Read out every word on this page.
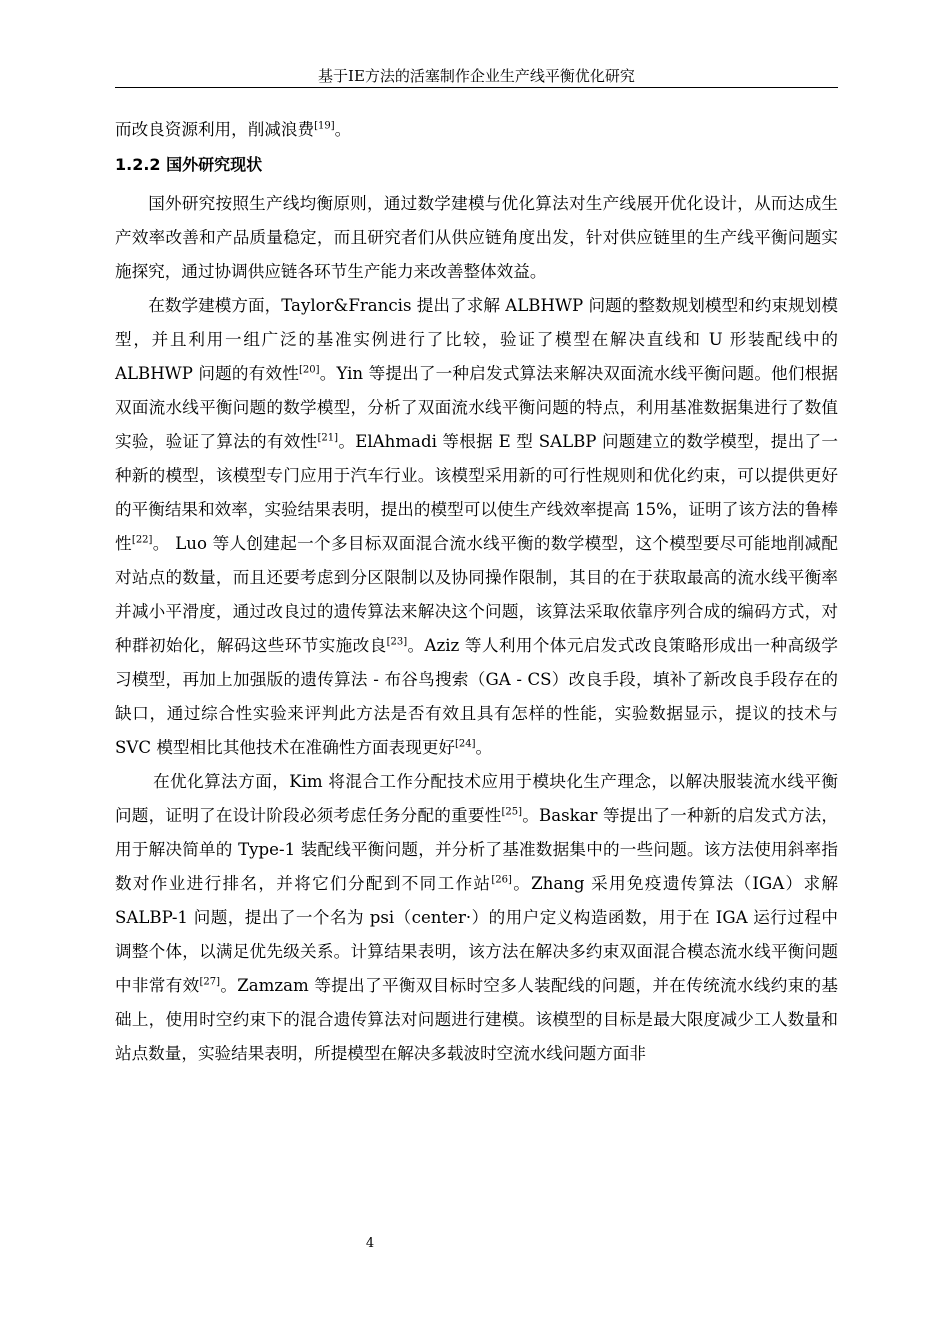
基于IE方法的活塞制作企业生产线平衡优化研究

而改良资源利用，削减浪费[19]。

1.2.2 国外研究现状

国外研究按照生产线均衡原则，通过数学建模与优化算法对生产线展开优化设计，从而达成生产效率改善和产品质量稳定，而且研究者们从供应链角度出发，针对供应链里的生产线平衡问题实施探究，通过协调供应链各环节生产能力来改善整体效益。

在数学建模方面，Taylor&Francis 提出了求解 ALBHWP 问题的整数规划模型和约束规划模型，并且利用一组广泛的基准实例进行了比较，验证了模型在解决直线和 U 形装配线中的 ALBHWP 问题的有效性[20]。Yin 等提出了一种启发式算法来解决双面流水线平衡问题。他们根据双面流水线平衡问题的数学模型，分析了双面流水线平衡问题的特点，利用基准数据集进行了数值实验，验证了算法的有效性[21]。ElAhmadi 等根据 E 型 SALBP 问题建立的数学模型，提出了一种新的模型，该模型专门应用于汽车行业。该模型采用新的可行性规则和优化约束，可以提供更好的平衡结果和效率，实验结果表明，提出的模型可以使生产线效率提高 15%，证明了该方法的鲁棒性[22]。 Luo 等人创建起一个多目标双面混合流水线平衡的数学模型，这个模型要尽可能地削减配对站点的数量，而且还要考虑到分区限制以及协同操作限制，其目的在于获取最高的流水线平衡率并减小平滑度，通过改良过的遗传算法来解决这个问题，该算法采取依靠序列合成的编码方式，对种群初始化，解码这些环节实施改良[23]。Aziz 等人利用个体元启发式改良策略形成出一种高级学习模型，再加上加强版的遗传算法 - 布谷鸟搜索（GA - CS）改良手段，填补了新改良手段存在的缺口，通过综合性实验来评判此方法是否有效且具有怎样的性能，实验数据显示，提议的技术与 SVC 模型相比其他技术在准确性方面表现更好[24]。

在优化算法方面，Kim 将混合工作分配技术应用于模块化生产理念，以解决服装流水线平衡问题，证明了在设计阶段必须考虑任务分配的重要性[25]。Baskar 等提出了一种新的启发式方法，用于解决简单的 Type-1 装配线平衡问题，并分析了基准数据集中的一些问题。该方法使用斜率指数对作业进行排名，并将它们分配到不同工作站[26]。Zhang 采用免疫遗传算法（IGA）求解 SALBP-1 问题，提出了一个名为 psi（center·）的用户定义构造函数，用于在 IGA 运行过程中调整个体，以满足优先级关系。计算结果表明，该方法在解决多约束双面混合模态流水线平衡问题中非常有效[27]。Zamzam 等提出了平衡双目标时空多人装配线的问题，并在传统流水线约束的基础上，使用时空约束下的混合遗传算法对问题进行建模。该模型的目标是最大限度减少工人数量和站点数量，实验结果表明，所提模型在解决多载波时空流水线问题方面非

4
